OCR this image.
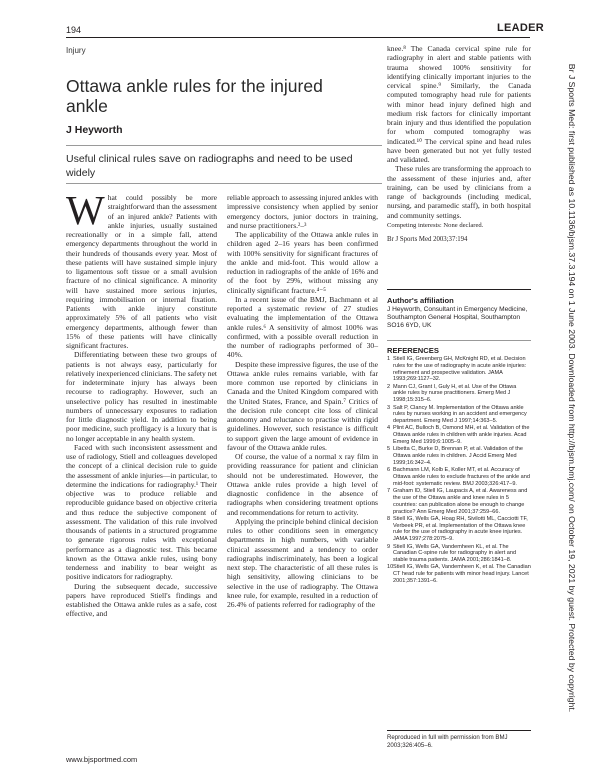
194	LEADER
Injury
Ottawa ankle rules for the injured ankle
J Heyworth
Useful clinical rules save on radiographs and need to be used widely

What could possibly be more straightforward than the assessment of an injured ankle? Patients with ankle injuries, usually sustained recreationally or in a simple fall, attend emergency departments throughout the world in their hundreds of thousands every year. Most of these patients will have sustained simple injury to ligamentous soft tissue or a small avulsion fracture of no clinical significance. A minority will have sustained more serious injuries, requiring immobilisation or internal fixation. Patients with ankle injury constitute approximately 5% of all patients who visit emergency departments, although fewer than 15% of these patients will have clinically significant fractures.

Differentiating between these two groups of patients is not always easy, particularly for relatively inexperienced clinicians. The safety net for indeterminate injury has always been recourse to radiography. However, such an unselective policy has resulted in inestimable numbers of unnecessary exposures to radiation for little diagnostic yield. In addition to being poor medicine, such profligacy is a luxury that is no longer acceptable in any health system.

Faced with such inconsistent assessment and use of radiology, Stiell and colleagues developed the concept of a clinical decision rule to guide the assessment of ankle injuries—in particular, to determine the indications for radiography.¹ Their objective was to produce reliable and reproducible guidance based on objective criteria and thus reduce the subjective component of assessment. The validation of this rule involved thousands of patients in a structured programme to generate rigorous rules with exceptional performance as a diagnostic test. This became known as the Ottawa ankle rules, using bony tenderness and inability to bear weight as positive indicators for radiography.

During the subsequent decade, successive papers have reproduced Stiell's findings and established the Ottawa ankle rules as a safe, cost effective, and

reliable approach to assessing injured ankles with impressive consistency when applied by senior emergency doctors, junior doctors in training, and nurse practitioners.²–³

The applicability of the Ottawa ankle rules in children aged 2–16 years has been confirmed with 100% sensitivity for significant fractures of the ankle and mid-foot. This would allow a reduction in radiographs of the ankle of 16% and of the foot by 29%, without missing any clinically significant fracture.⁴⁻⁵

In a recent issue of the BMJ, Bachmann et al reported a systematic review of 27 studies evaluating the implementation of the Ottawa ankle rules.⁶ A sensitivity of almost 100% was confirmed, with a possible overall reduction in the number of radiographs performed of 30–40%.

Despite these impressive figures, the use of the Ottawa ankle rules remains variable, with far more common use reported by clinicians in Canada and the United Kingdom compared with the United States, France, and Spain.⁷ Critics of the decision rule concept cite loss of clinical autonomy and reluctance to practise within rigid guidelines. However, such resistance is difficult to support given the large amount of evidence in favour of the Ottawa ankle rules.

Of course, the value of a normal x ray film in providing reassurance for patient and clinician should not be underestimated. However, the Ottawa ankle rules provide a high level of diagnostic confidence in the absence of radiographs when considering treatment options and recommendations for return to activity.

Applying the principle behind clinical decision rules to other conditions seen in emergency departments in high numbers, with variable clinical assessment and a tendency to order radiographs indiscriminately, has been a logical next step. The characteristic of all these rules is high sensitivity, allowing clinicians to be selective in the use of radiography. The Ottawa knee rule, for example, resulted in a reduction of 26.4% of patients referred for radiography of the

knee.⁸ The Canada cervical spine rule for radiography in alert and stable patients with trauma showed 100% sensitivity for identifying clinically important injuries to the cervical spine.⁹ Similarly, the Canada computed tomography head rule for patients with minor head injury defined high and medium risk factors for clinically important brain injury and thus identified the population for whom computed tomography was indicated.¹⁰ The cervical spine and head rules have been generated but not yet fully tested and validated.

These rules are transforming the approach to the assessment of these injuries and, after training, can be used by clinicians from a range of backgrounds (including medical, nursing, and paramedic staff), in both hospital and community settings.

Competing interests: None declared.

Br J Sports Med 2003;37:194

Author's affiliation
J Heyworth, Consultant in Emergency Medicine, Southampton General Hospital, Southampton SO16 6YD, UK
REFERENCES
1 Stiell IG, Greenberg GH, McKnight RD, et al. Decision rules for the use of radiography in acute ankle injuries: refinement and prospective validation. JAMA 1993;269:1127–32.
2 Mann CJ, Grant I, Guly H, et al. Use of the Ottawa ankle rules by nurse practitioners. Emerg Med J 1998;15:315–6.
3 Salt P, Clancy M. Implementation of the Ottawa ankle rules by nurses working in an accident and emergency department. Emerg Med J 1997;14:363–5.
4 Plint AC, Bulloch B, Osmond MH, et al. Validation of the Ottawa ankle rules in children with ankle injuries. Acad Emerg Med 1999;6:1005–9.
5 Libetta C, Burke D, Brennan P, et al. Validation of the Ottawa ankle rules in children. J Accid Emerg Med 1999;16:342–4.
6 Bachmann LM, Kolb E, Koller MT, et al. Accuracy of Ottawa ankle rules to exclude fractures of the ankle and mid-foot: systematic review. BMJ 2003;326:417–9.
7 Graham ID, Stiell IG, Laupacis A, et al. Awareness and the use of the Ottawa ankle and knee rules in 5 countries: can publication alone be enough to change practice? Ann Emerg Med 2001;37:259–66.
8 Stiell IG, Wells GA, Hoag RH, Sivilotti ML, Cacciotti TF, Verbeek PR, et al. Implementation of the Ottawa knee rule for the use of radiography in acute knee injuries. JAMA 1997;278:2075–9.
9 Stiell IG, Wells GA, Vandemheen KL, et al. The Canadian C-spine rule for radiography in alert and stable trauma patients. JAMA 2001;286:1841–8.
10 Stiell IG, Wells GA, Vandemheen K, et al. The Canadian CT head rule for patients with minor head injury. Lancet 2001;357:1391–6.
Reproduced in full with permission from BMJ 2003;326:405–6.
www.bjsportmed.com
Br J Sports Med: first published as 10.1136/bjsm.37.3.194 on 1 June 2003. Downloaded from http://bjsm.bmj.com/ on October 19, 2021 by guest. Protected by copyright.
